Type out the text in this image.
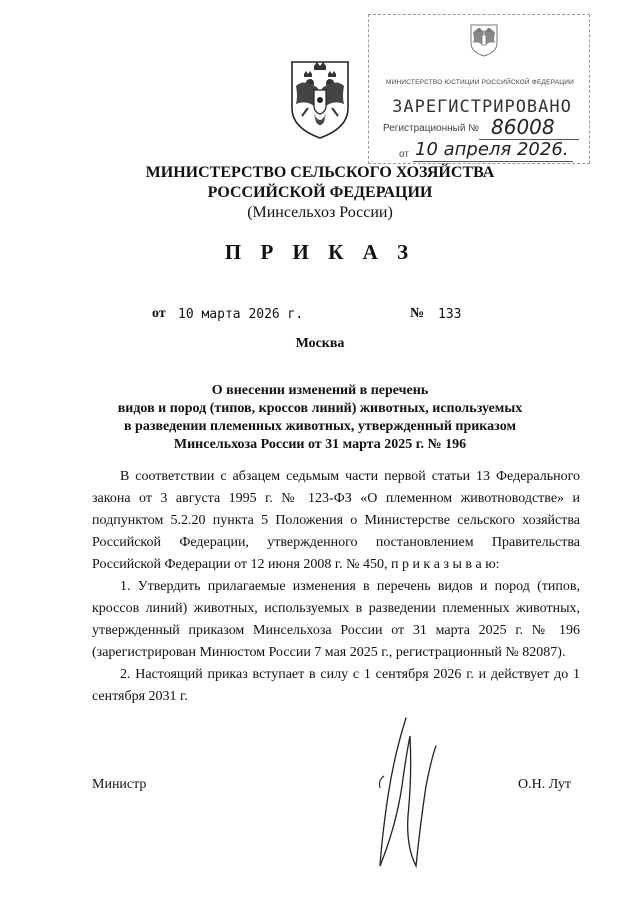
МИНИСТЕРСТВО ЮСТИЦИИ РОССИЙСКОЙ ФЕДЕРАЦИИ
ЗАРЕГИСТРИРОВАНО
Регистрационный № 86008
от 10 апреля 2026.
МИНИСТЕРСТВО СЕЛЬСКОГО ХОЗЯЙСТВА
РОССИЙСКОЙ ФЕДЕРАЦИИ
(Минсельхоз России)
П Р И К А З
от 10 марта 2026 г.	№ 133
Москва
О внесении изменений в перечень
видов и пород (типов, кроссов линий) животных, используемых
в разведении племенных животных, утвержденный приказом
Минсельхоза России от 31 марта 2025 г. № 196

В соответствии с абзацем седьмым части первой статьи 13 Федерального закона от 3 августа 1995 г. № 123-ФЗ «О племенном животноводстве» и подпунктом 5.2.20 пункта 5 Положения о Министерстве сельского хозяйства Российской Федерации, утвержденного постановлением Правительства Российской Федерации от 12 июня 2008 г. № 450, п р и к а з ы в а ю:

1. Утвердить прилагаемые изменения в перечень видов и пород (типов, кроссов линий) животных, используемых в разведении племенных животных, утвержденный приказом Минсельхоза России от 31 марта 2025 г. № 196 (зарегистрирован Минюстом России 7 мая 2025 г., регистрационный № 82087).

2. Настоящий приказ вступает в силу с 1 сентября 2026 г. и действует до 1 сентября 2031 г.

Министр	О.Н. Лут
